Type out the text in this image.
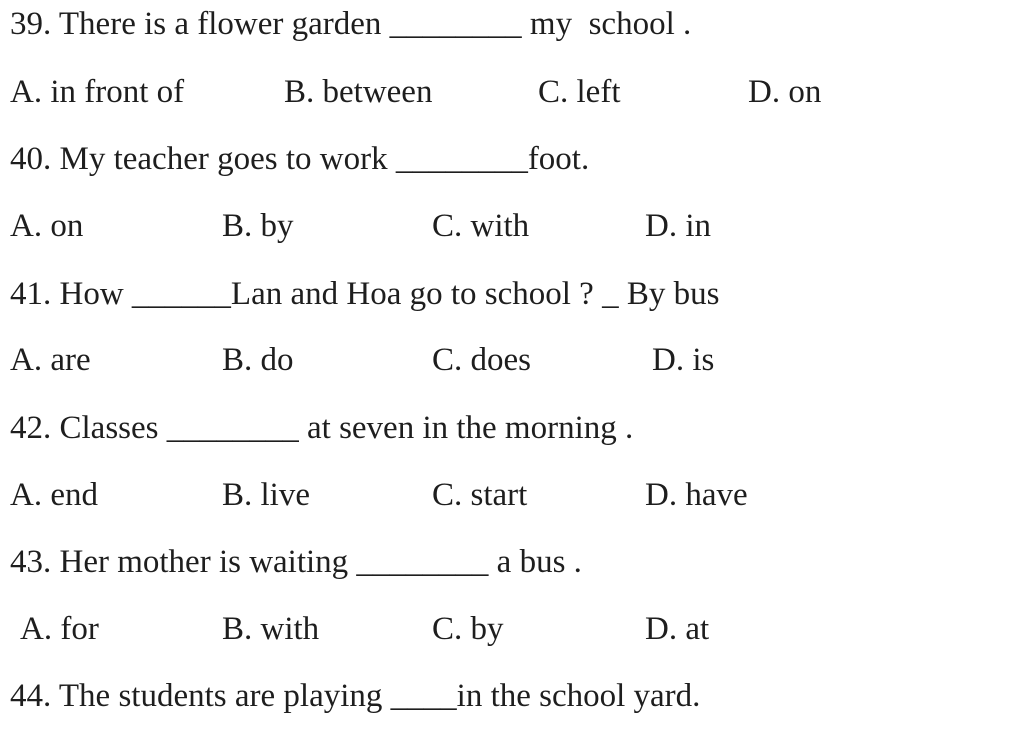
39. There is a flower garden ________ my  school .
A. in front of	B. between	C. left	D. on
40. My teacher goes to work ________foot.
A. on	B. by	C. with	D. in
41. How ______Lan and Hoa go to school ? _ By bus
A. are	B. do	C. does	D. is
42. Classes ________ at seven in the morning .
A. end	B. live	C. start	D. have
43. Her mother is waiting ________ a bus .
A. for	B. with	C. by	D. at
44. The students are playing ____in the school yard.
